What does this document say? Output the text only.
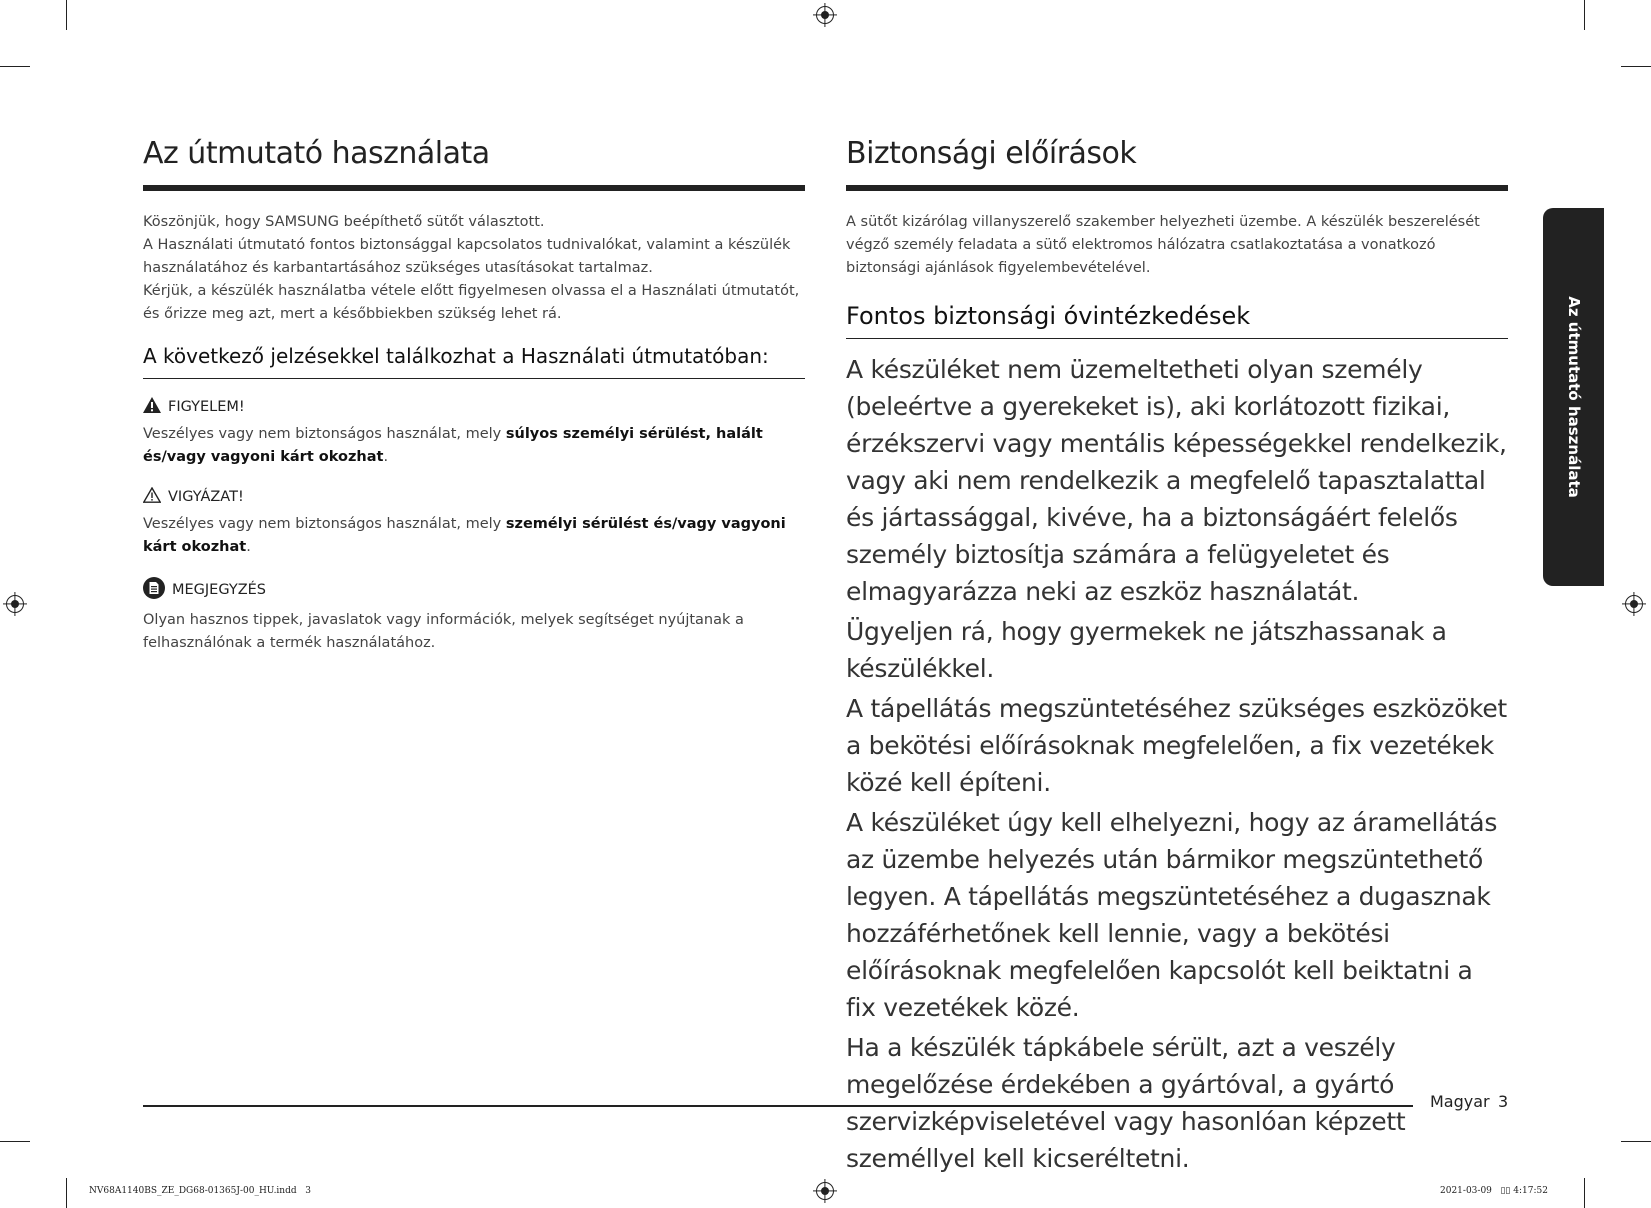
Az útmutató használata

Köszönjük, hogy SAMSUNG beépíthető sütőt választott.

A Használati útmutató fontos biztonsággal kapcsolatos tudnivalókat, valamint a készülék használatához és karbantartásához szükséges utasításokat tartalmaz.

Kérjük, a készülék használatba vétele előtt figyelmesen olvassa el a Használati útmutatót, és őrizze meg azt, mert a későbbiekben szükség lehet rá.

A következő jelzésekkel találkozhat a Használati útmutatóban:
FIGYELEM!
Veszélyes vagy nem biztonságos használat, mely súlyos személyi sérülést, halált és/vagy vagyoni kárt okozhat.
VIGYÁZAT!
Veszélyes vagy nem biztonságos használat, mely személyi sérülést és/vagy vagyoni kárt okozhat.
MEGJEGYZÉS
Olyan hasznos tippek, javaslatok vagy információk, melyek segítséget nyújtanak a felhasználónak a termék használatához.
Biztonsági előírások
A sütőt kizárólag villanyszerelő szakember helyezheti üzembe. A készülék beszerelését végző személy feladata a sütő elektromos hálózatra csatlakoztatása a vonatkozó biztonsági ajánlások figyelembevételével.
Fontos biztonsági óvintézkedések

A készüléket nem üzemeltetheti olyan személy (beleértve a gyerekeket is), aki korlátozott fizikai, érzékszervi vagy mentális képességekkel rendelkezik, vagy aki nem rendelkezik a megfelelő tapasztalattal és jártassággal, kivéve, ha a biztonságáért felelős személy biztosítja számára a felügyeletet és elmagyarázza neki az eszköz használatát.

Ügyeljen rá, hogy gyermekek ne játszhassanak a készülékkel.

A tápellátás megszüntetéséhez szükséges eszközöket a bekötési előírásoknak megfelelően, a fix vezetékek közé kell építeni.

A készüléket úgy kell elhelyezni, hogy az áramellátás az üzembe helyezés után bármikor megszüntethető legyen. A tápellátás megszüntetéséhez a dugasznak hozzáférhetőnek kell lennie, vagy a bekötési előírásoknak megfelelően kapcsolót kell beiktatni a fix vezetékek közé.

Ha a készülék tápkábele sérült, azt a veszély megelőzése érdekében a gyártóval, a gyártó szervizképviseletével vagy hasonlóan képzett személlyel kell kicseréltetni.

Az útmutató használata
Magyar 3
NV68A1140BS_ZE_DG68-01365J-00_HU.indd   3	2021-03-09   ▯▯ 4:17:52
